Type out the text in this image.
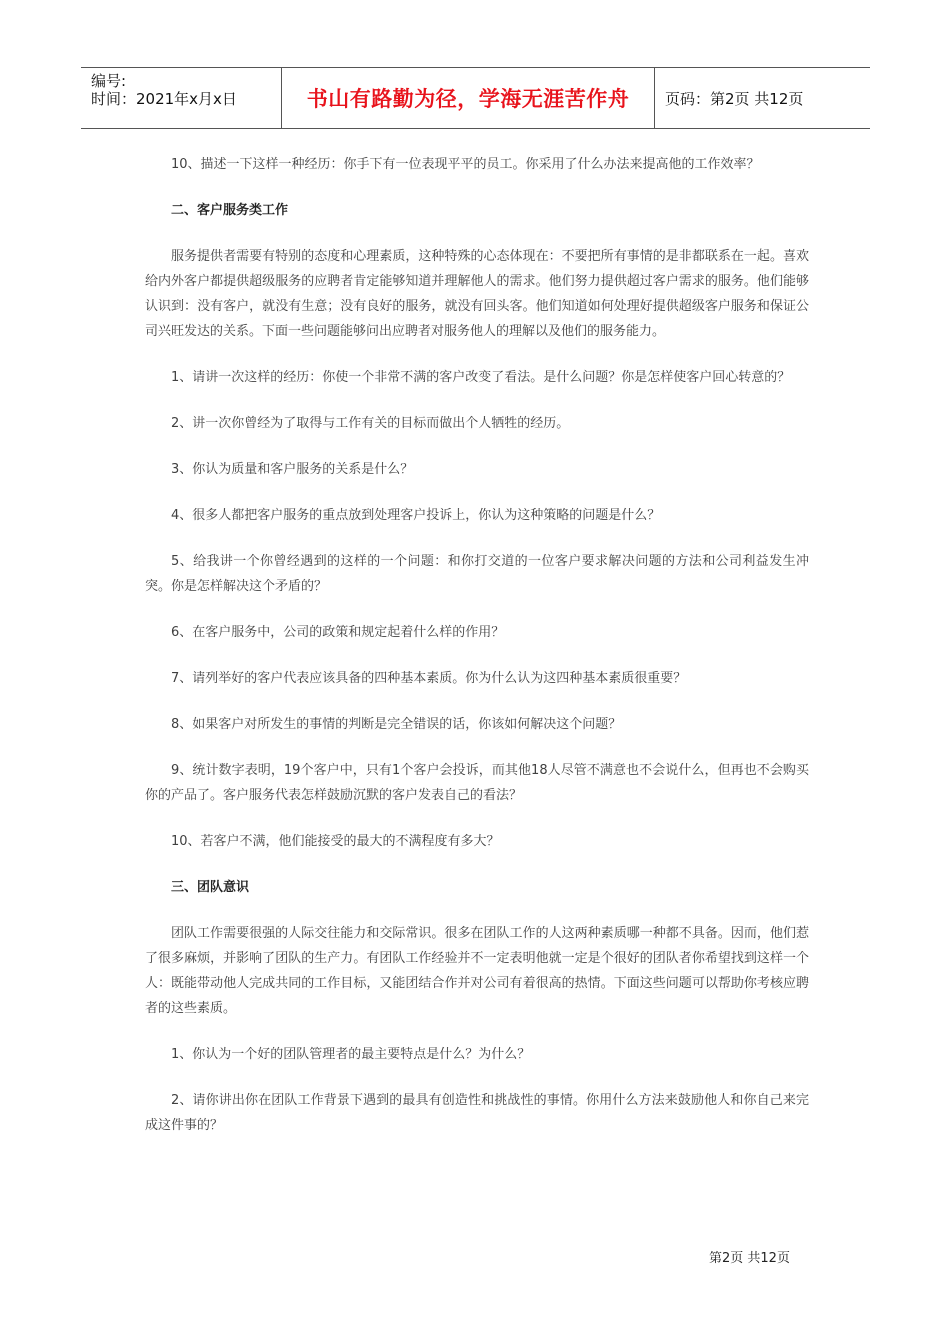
编号:
时间：2021年x月x日	书山有路勤为径，学海无涯苦作舟	页码：第2页 共12页

10、描述一下这样一种经历：你手下有一位表现平平的员工。你采用了什么办法来提高他的工作效率？

二、客户服务类工作

服务提供者需要有特别的态度和心理素质，这种特殊的心态体现在：不要把所有事情的是非都联系在一起。喜欢给内外客户都提供超级服务的应聘者肯定能够知道并理解他人的需求。他们努力提供超过客户需求的服务。他们能够认识到：没有客户，就没有生意；没有良好的服务，就没有回头客。他们知道如何处理好提供超级客户服务和保证公司兴旺发达的关系。下面一些问题能够问出应聘者对服务他人的理解以及他们的服务能力。

1、请讲一次这样的经历：你使一个非常不满的客户改变了看法。是什么问题？你是怎样使客户回心转意的？

2、讲一次你曾经为了取得与工作有关的目标而做出个人牺牲的经历。

3、你认为质量和客户服务的关系是什么？

4、很多人都把客户服务的重点放到处理客户投诉上，你认为这种策略的问题是什么？

5、给我讲一个你曾经遇到的这样的一个问题：和你打交道的一位客户要求解决问题的方法和公司利益发生冲突。你是怎样解决这个矛盾的？

6、在客户服务中，公司的政策和规定起着什么样的作用？

7、请列举好的客户代表应该具备的四种基本素质。你为什么认为这四种基本素质很重要？

8、如果客户对所发生的事情的判断是完全错误的话，你该如何解决这个问题？

9、统计数字表明，19个客户中，只有1个客户会投诉，而其他18人尽管不满意也不会说什么，但再也不会购买你的产品了。客户服务代表怎样鼓励沉默的客户发表自己的看法？

10、若客户不满，他们能接受的最大的不满程度有多大？

三、团队意识

团队工作需要很强的人际交往能力和交际常识。很多在团队工作的人这两种素质哪一种都不具备。因而，他们惹了很多麻烦，并影响了团队的生产力。有团队工作经验并不一定表明他就一定是个很好的团队者你希望找到这样一个人：既能带动他人完成共同的工作目标，又能团结合作并对公司有着很高的热情。下面这些问题可以帮助你考核应聘者的这些素质。

1、你认为一个好的团队管理者的最主要特点是什么？为什么？

2、请你讲出你在团队工作背景下遇到的最具有创造性和挑战性的事情。你用什么方法来鼓励他人和你自己来完成这件事的？

第2页 共12页
